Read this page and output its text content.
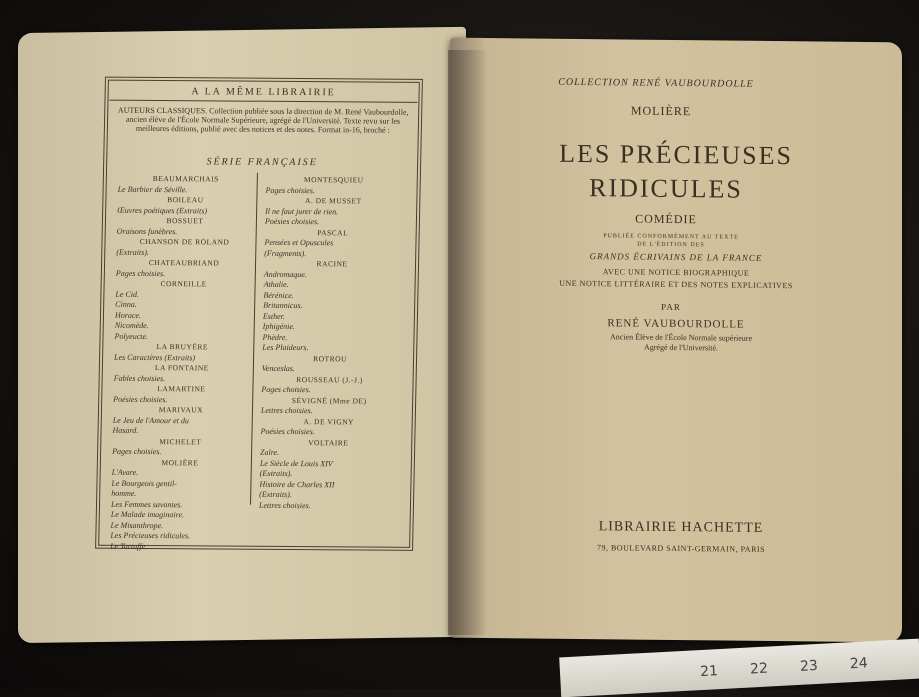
A LA MÊME LIBRAIRIE
AUTEURS CLASSIQUES. Collection publiée sous la direction de M. René Vaubourdolle, ancien élève de l'École Normale Supérieure, agrégé de l'Université. Texte revu sur les meilleures éditions, publié avec des notices et des notes. Format in-16, broché :
SÉRIE FRANÇAISE
BEAUMARCHAIS
Le Barbier de Séville.
BOILEAU
Œuvres poétiques (Extraits)
BOSSUET
Oraisons funèbres.
CHANSON DE ROLAND
(Extraits).
CHATEAUBRIAND
Pages choisies.
CORNEILLE
Le Cid.
Cinna.
Horace.
Nicomède.
Polyeucte.
LA BRUYÈRE
Les Caractères (Extraits)
LA FONTAINE
Fables choisies.
LAMARTINE
Poésies choisies.
MARIVAUX
Le Jeu de l'Amour et du
Hasard.
MICHELET
Pages choisies.
MOLIÈRE
L'Avare.
Le Bourgeois gentil-
homme.
Les Femmes savantes.
Le Malade imaginaire.
Le Misanthrope.
Les Précieuses ridicules.
Le Tartuffe.
MONTESQUIEU
Pages choisies.
A. DE MUSSET
Il ne faut jurer de rien.
Poésies choisies.
PASCAL
Pensées et Opuscules
(Fragments).
RACINE
Andromaque.
Athalie.
Bérénice.
Britannicus.
Esther.
Iphigénie.
Phèdre.
Les Plaideurs.
ROTROU
Venceslas.
ROUSSEAU (J.-J.)
Pages choisies.
SÉVIGNÉ (Mme DE)
Lettres choisies.
A. DE VIGNY
Poésies choisies.
VOLTAIRE
Zaïre.
Le Siècle de Louis XIV
(Extraits).
Histoire de Charles XII
(Extraits).
Lettres choisies.
COLLECTION RENÉ VAUBOURDOLLE
MOLIÈRE
LES PRÉCIEUSES
RIDICULES
COMÉDIE
PUBLIÉE CONFORMÉMENT AU TEXTE
DE L'ÉDITION DES
GRANDS ÉCRIVAINS DE LA FRANCE
AVEC UNE NOTICE BIOGRAPHIQUE
UNE NOTICE LITTÉRAIRE ET DES NOTES EXPLICATIVES
PAR
RENÉ VAUBOURDOLLE
Ancien Élève de l'École Normale supérieure
Agrégé de l'Université.
LIBRAIRIE HACHETTE
79, BOULEVARD SAINT-GERMAIN, PARIS
21 22 23 24
